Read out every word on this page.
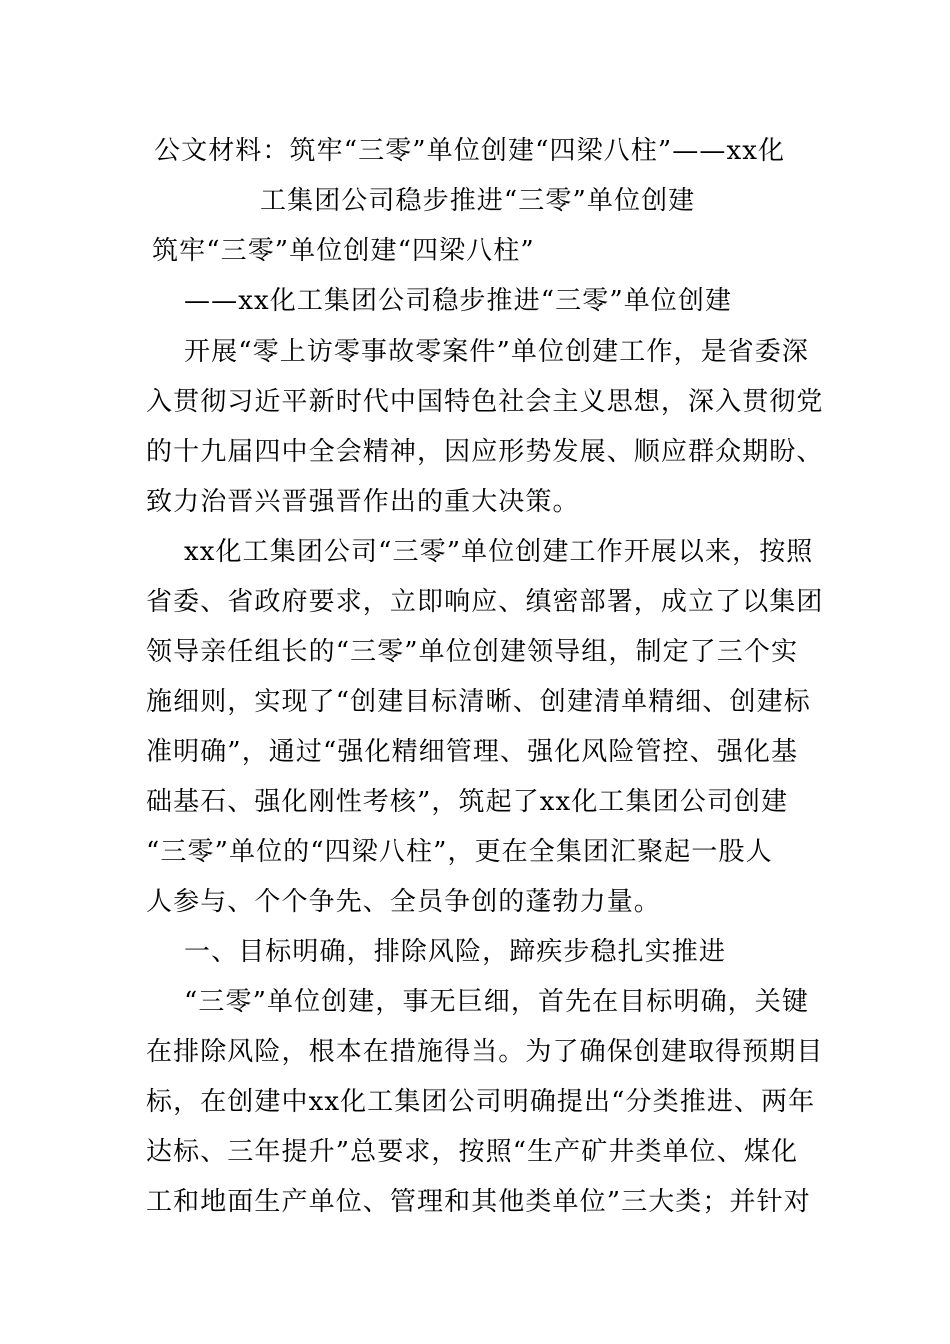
公文材料：筑牢“三零”单位创建“四梁八柱”——xx化
工集团公司稳步推进“三零”单位创建
筑牢“三零”单位创建“四梁八柱”
——xx化工集团公司稳步推进“三零”单位创建
开展“零上访零事故零案件”单位创建工作，是省委深
入贯彻习近平新时代中国特色社会主义思想，深入贯彻党
的十九届四中全会精神，因应形势发展、顺应群众期盼、
致力治晋兴晋强晋作出的重大决策。
xx化工集团公司“三零”单位创建工作开展以来，按照
省委、省政府要求，立即响应、缜密部署，成立了以集团
领导亲任组长的“三零”单位创建领导组，制定了三个实
施细则，实现了“创建目标清晰、创建清单精细、创建标
准明确”，通过“强化精细管理、强化风险管控、强化基
础基石、强化刚性考核”，筑起了xx化工集团公司创建
“三零”单位的“四梁八柱”，更在全集团汇聚起一股人
人参与、个个争先、全员争创的蓬勃力量。
一、目标明确，排除风险，蹄疾步稳扎实推进
“三零”单位创建，事无巨细，首先在目标明确，关键
在排除风险，根本在措施得当。为了确保创建取得预期目
标，在创建中xx化工集团公司明确提出“分类推进、两年
达标、三年提升”总要求，按照“生产矿井类单位、煤化
工和地面生产单位、管理和其他类单位”三大类；并针对
